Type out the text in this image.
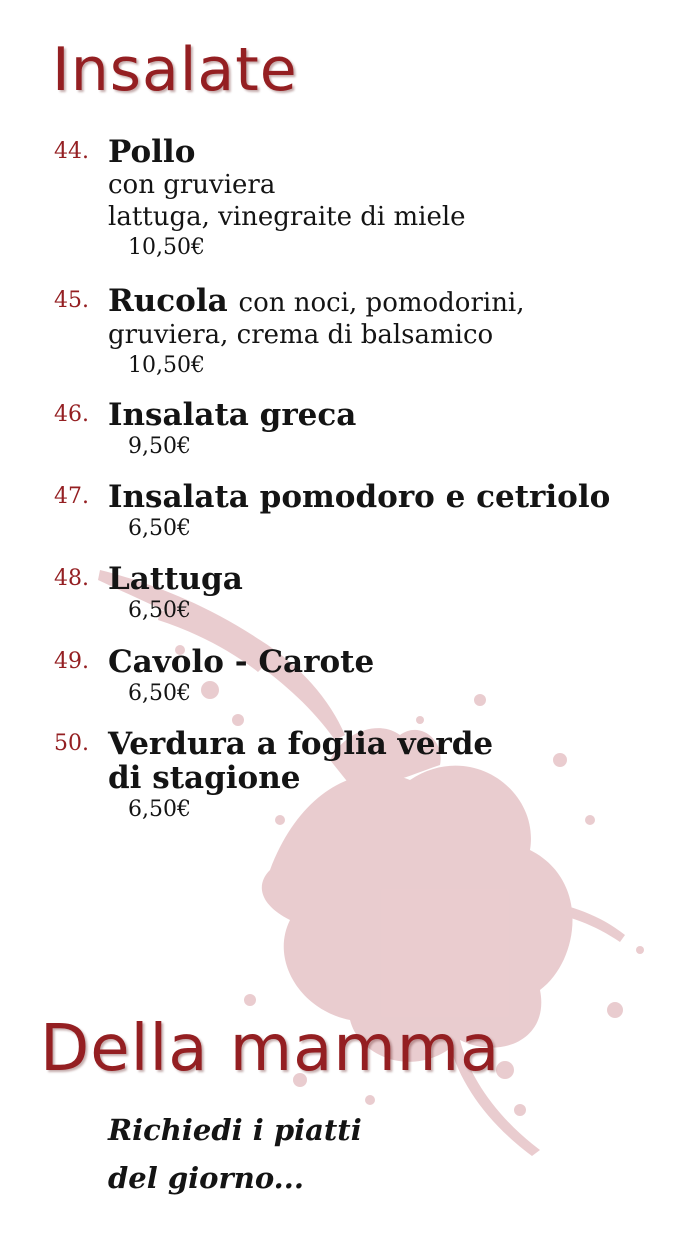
Insalate
44. Pollo
con gruviera
lattuga, vinegraite di miele
10,50€
45. Rucola con noci, pomodorini,
gruviera, crema di balsamico
10,50€
46. Insalata greca
9,50€
47. Insalata pomodoro e cetriolo
6,50€
48. Lattuga
6,50€
49. Cavolo - Carote
6,50€
50. Verdura a foglia verde
di stagione
6,50€
Della mamma
Richiedi i piatti
del giorno...
